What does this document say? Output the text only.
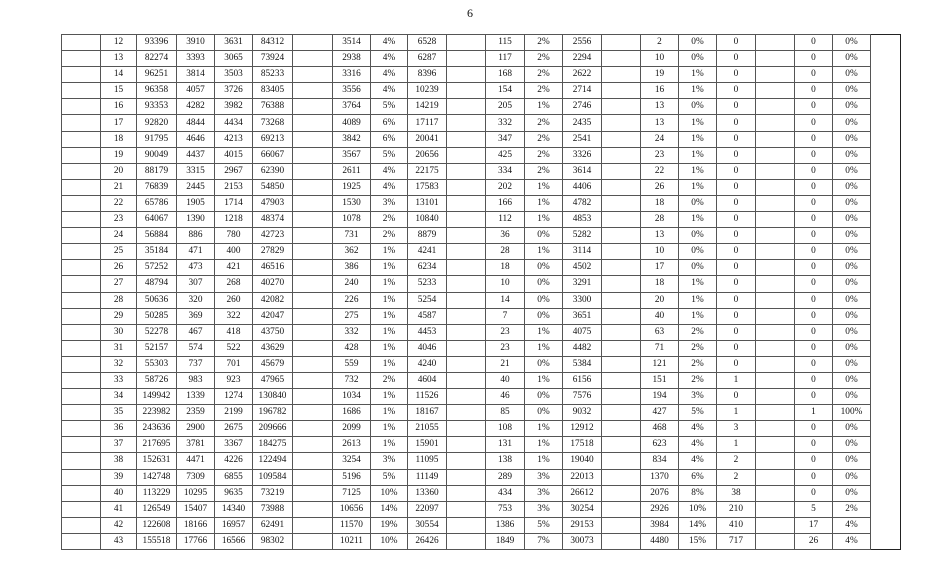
6
	12	93396	3910	3631	84312		3514	4%	6528		115	2%	2556		2	0%	0		0	0%
	13	82274	3393	3065	73924		2938	4%	6287		117	2%	2294		10	0%	0		0	0%
	14	96251	3814	3503	85233		3316	4%	8396		168	2%	2622		19	1%	0		0	0%
	15	96358	4057	3726	83405		3556	4%	10239		154	2%	2714		16	1%	0		0	0%
	16	93353	4282	3982	76388		3764	5%	14219		205	1%	2746		13	0%	0		0	0%
	17	92820	4844	4434	73268		4089	6%	17117		332	2%	2435		13	1%	0		0	0%
	18	91795	4646	4213	69213		3842	6%	20041		347	2%	2541		24	1%	0		0	0%
	19	90049	4437	4015	66067		3567	5%	20656		425	2%	3326		23	1%	0		0	0%
	20	88179	3315	2967	62390		2611	4%	22175		334	2%	3614		22	1%	0		0	0%
	21	76839	2445	2153	54850		1925	4%	17583		202	1%	4406		26	1%	0		0	0%
	22	65786	1905	1714	47903		1530	3%	13101		166	1%	4782		18	0%	0		0	0%
	23	64067	1390	1218	48374		1078	2%	10840		112	1%	4853		28	1%	0		0	0%
	24	56884	886	780	42723		731	2%	8879		36	0%	5282		13	0%	0		0	0%
	25	35184	471	400	27829		362	1%	4241		28	1%	3114		10	0%	0		0	0%
	26	57252	473	421	46516		386	1%	6234		18	0%	4502		17	0%	0		0	0%
	27	48794	307	268	40270		240	1%	5233		10	0%	3291		18	1%	0		0	0%
	28	50636	320	260	42082		226	1%	5254		14	0%	3300		20	1%	0		0	0%
	29	50285	369	322	42047		275	1%	4587		7	0%	3651		40	1%	0		0	0%
	30	52278	467	418	43750		332	1%	4453		23	1%	4075		63	2%	0		0	0%
	31	52157	574	522	43629		428	1%	4046		23	1%	4482		71	2%	0		0	0%
	32	55303	737	701	45679		559	1%	4240		21	0%	5384		121	2%	0		0	0%
	33	58726	983	923	47965		732	2%	4604		40	1%	6156		151	2%	1		0	0%
	34	149942	1339	1274	130840		1034	1%	11526		46	0%	7576		194	3%	0		0	0%
	35	223982	2359	2199	196782		1686	1%	18167		85	0%	9032		427	5%	1		1	100%
	36	243636	2900	2675	209666		2099	1%	21055		108	1%	12912		468	4%	3		0	0%
	37	217695	3781	3367	184275		2613	1%	15901		131	1%	17518		623	4%	1		0	0%
	38	152631	4471	4226	122494		3254	3%	11095		138	1%	19040		834	4%	2		0	0%
	39	142748	7309	6855	109584		5196	5%	11149		289	3%	22013		1370	6%	2		0	0%
	40	113229	10295	9635	73219		7125	10%	13360		434	3%	26612		2076	8%	38		0	0%
	41	126549	15407	14340	73988		10656	14%	22097		753	3%	30254		2926	10%	210		5	2%
	42	122608	18166	16957	62491		11570	19%	30554		1386	5%	29153		3984	14%	410		17	4%
	43	155518	17766	16566	98302		10211	10%	26426		1849	7%	30073		4480	15%	717		26	4%
